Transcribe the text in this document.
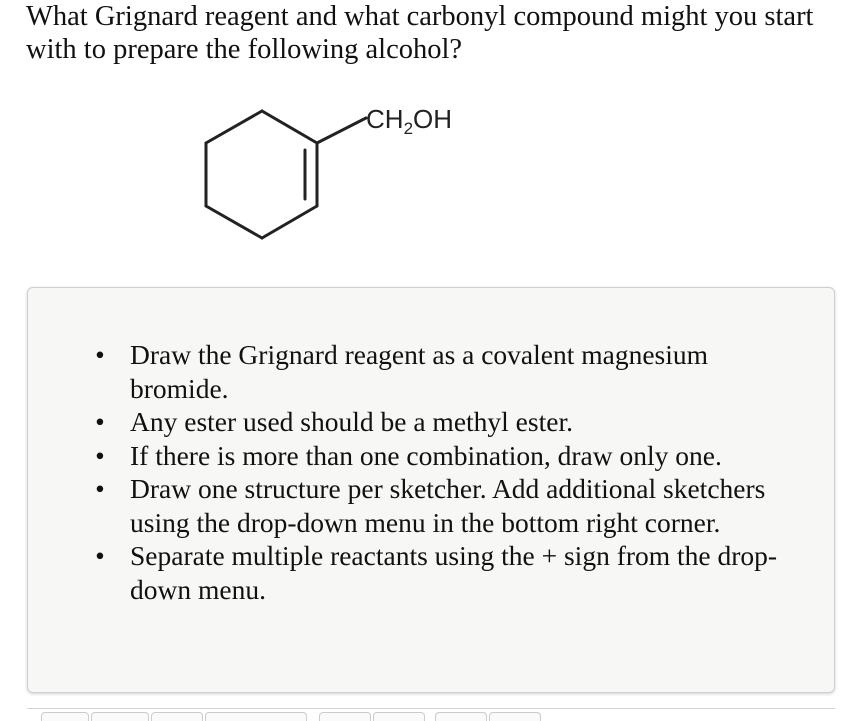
What Grignard reagent and what carbonyl compound might you start with to prepare the following alcohol?
$CH_2OH$
• Draw the Grignard reagent as a covalent magnesium bromide.
• Any ester used should be a methyl ester.
• If there is more than one combination, draw only one.
• Draw one structure per sketcher. Add additional sketchers using the drop-down menu in the bottom right corner.
• Separate multiple reactants using the + sign from the drop-down menu.
